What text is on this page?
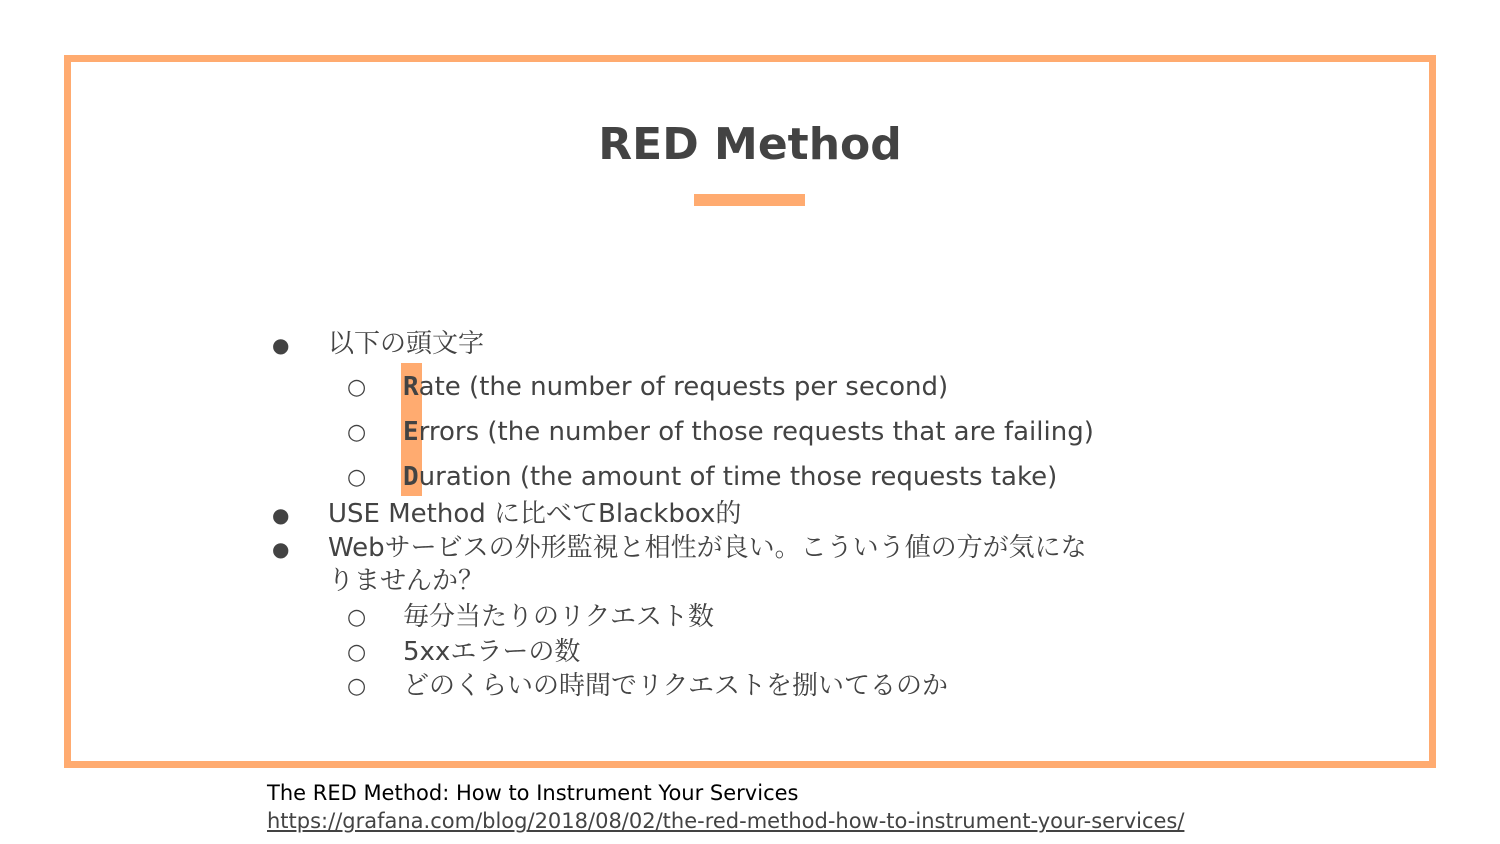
RED Method
● 以下の頭文字
○ Rate (the number of requests per second)
○ Errors (the number of those requests that are failing)
○ Duration (the amount of time those requests take)
● USE Method に比べてBlackbox的
● Webサービスの外形監視と相性が良い。こういう値の方が気にな
りませんか？
○ 毎分当たりのリクエスト数
○ 5xxエラーの数
○ どのくらいの時間でリクエストを捌いてるのか
The RED Method: How to Instrument Your Services
https://grafana.com/blog/2018/08/02/the-red-method-how-to-instrument-your-services/
